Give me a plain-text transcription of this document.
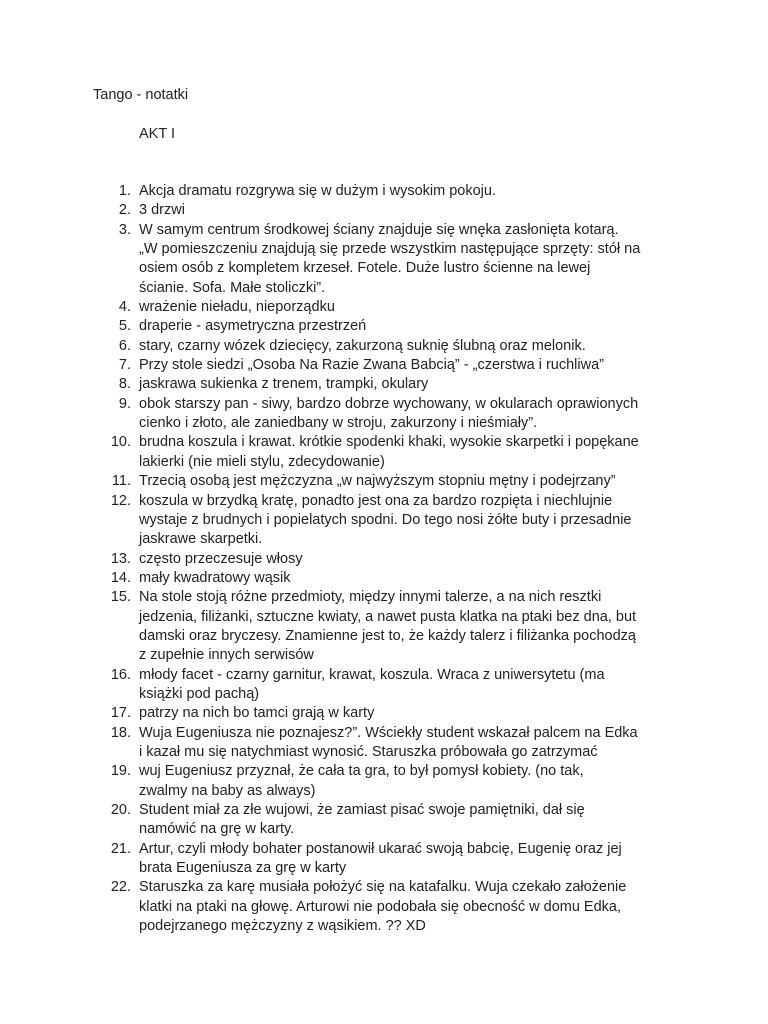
Tango - notatki
AKT I
1. Akcja dramatu rozgrywa się w dużym i wysokim pokoju.
2. 3 drzwi
3. W samym centrum środkowej ściany znajduje się wnęka zasłonięta kotarą.
„W pomieszczeniu znajdują się przede wszystkim następujące sprzęty: stół na
osiem osób z kompletem krzeseł. Fotele. Duże lustro ścienne na lewej
ścianie. Sofa. Małe stoliczki”.
4. wrażenie nieładu, nieporządku
5. draperie - asymetryczna przestrzeń
6. stary, czarny wózek dziecięcy, zakurzoną suknię ślubną oraz melonik.
7. Przy stole siedzi „Osoba Na Razie Zwana Babcią” - „czerstwa i ruchliwa”
8. jaskrawa sukienka z trenem, trampki, okulary
9. obok starszy pan - siwy, bardzo dobrze wychowany, w okularach oprawionych
cienko i złoto, ale zaniedbany w stroju, zakurzony i nieśmiały”.
10. brudna koszula i krawat. krótkie spodenki khaki, wysokie skarpetki i popękane
lakierki (nie mieli stylu, zdecydowanie)
11. Trzecią osobą jest mężczyzna „w najwyższym stopniu mętny i podejrzany”
12. koszula w brzydką kratę, ponadto jest ona za bardzo rozpięta i niechlujnie
wystaje z brudnych i popielatych spodni. Do tego nosi żółte buty i przesadnie
jaskrawe skarpetki.
13. często przeczesuje włosy
14. mały kwadratowy wąsik
15. Na stole stoją różne przedmioty, między innymi talerze, a na nich resztki
jedzenia, filiżanki, sztuczne kwiaty, a nawet pusta klatka na ptaki bez dna, but
damski oraz bryczesy. Znamienne jest to, że każdy talerz i filiżanka pochodzą
z zupełnie innych serwisów
16. młody facet - czarny garnitur, krawat, koszula. Wraca z uniwersytetu (ma
książki pod pachą)
17. patrzy na nich bo tamci grają w karty
18. Wuja Eugeniusza nie poznajesz?”. Wściekły student wskazał palcem na Edka
i kazał mu się natychmiast wynosić. Staruszka próbowała go zatrzymać
19. wuj Eugeniusz przyznał, że cała ta gra, to był pomysł kobiety. (no tak,
zwalmy na baby as always)
20. Student miał za złe wujowi, że zamiast pisać swoje pamiętniki, dał się
namówić na grę w karty.
21. Artur, czyli młody bohater postanowił ukarać swoją babcię, Eugenię oraz jej
brata Eugeniusza za grę w karty
22. Staruszka za karę musiała położyć się na katafalku. Wuja czekało założenie
klatki na ptaki na głowę. Arturowi nie podobała się obecność w domu Edka,
podejrzanego mężczyzny z wąsikiem. ?? XD
